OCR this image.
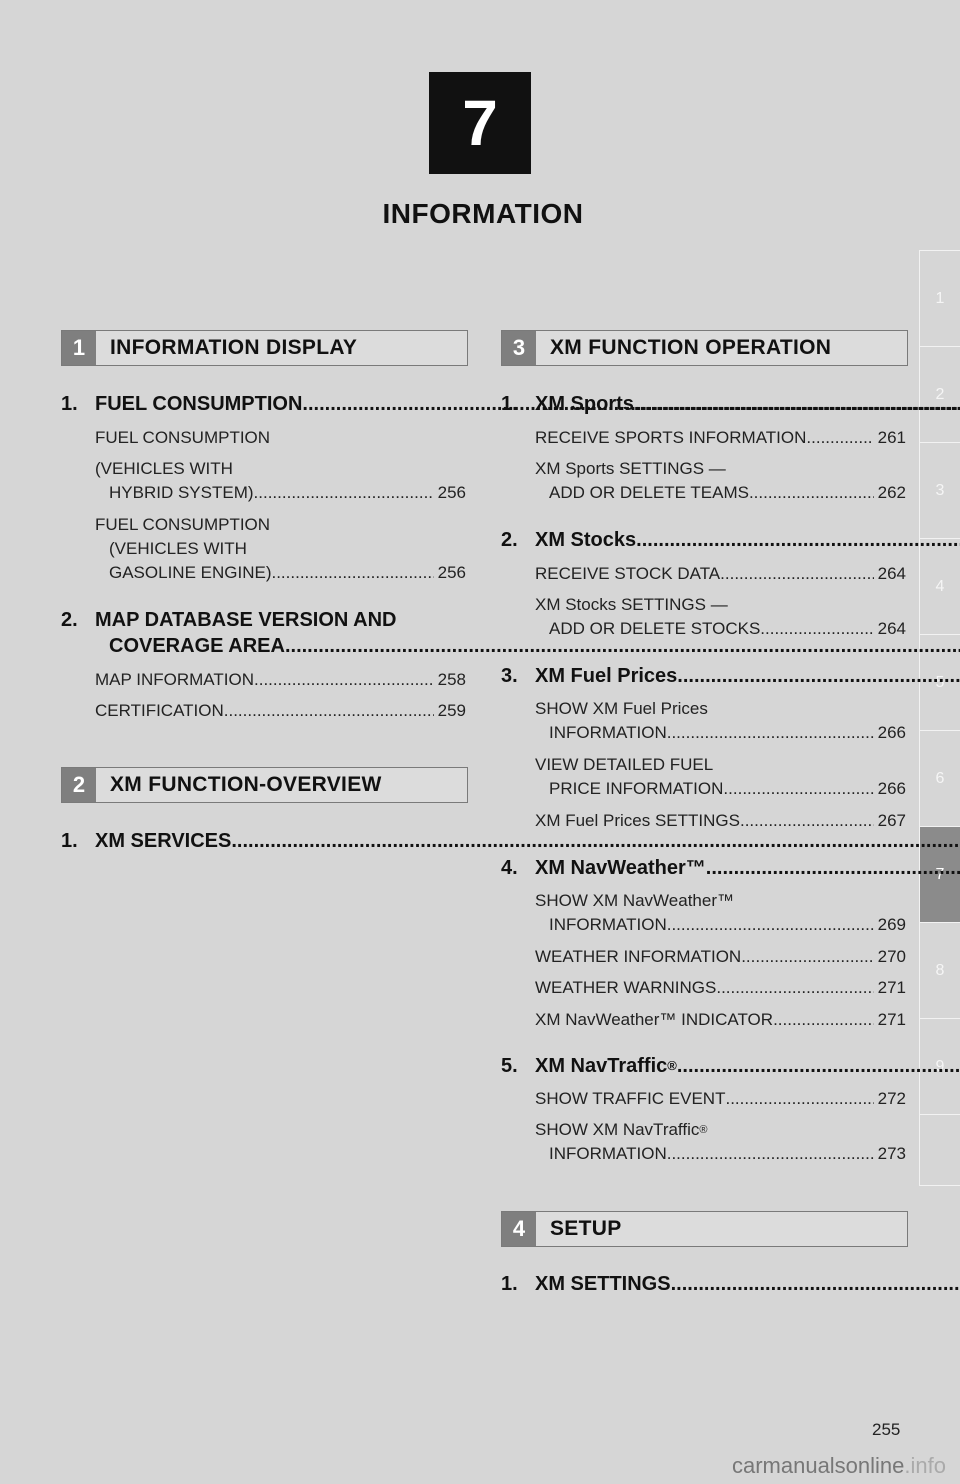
7
INFORMATION
1
2
3
4
5
6
7
8
9
1	INFORMATION DISPLAY
1. FUEL CONSUMPTION
.....
FUEL CONSUMPTION
(VEHICLES WITH
HYBRID SYSTEM) .....	256
FUEL CONSUMPTION
(VEHICLES WITH
GASOLINE ENGINE) .....	256
2. MAP DATABASE VERSION AND
COVERAGE AREA
.....
MAP INFORMATION .....	258
CERTIFICATION .....	259
2	XM FUNCTION-OVERVIEW
1. XM SERVICES
.....
3	XM FUNCTION OPERATION
1. XM Sports
.....
RECEIVE SPORTS INFORMATION .....	261
XM Sports SETTINGS —
ADD OR DELETE TEAMS .....	262
2. XM Stocks
.....
RECEIVE STOCK DATA .....	264
XM Stocks SETTINGS —
ADD OR DELETE STOCKS .....	264
3. XM Fuel Prices
.....
SHOW XM Fuel Prices
INFORMATION .....	266
VIEW DETAILED FUEL
PRICE INFORMATION .....	266
XM Fuel Prices SETTINGS .....	267
4. XM NavWeather™
.....
SHOW XM NavWeather™
INFORMATION .....	269
WEATHER INFORMATION .....	270
WEATHER WARNINGS .....	271
XM NavWeather™ INDICATOR .....	271
5. XM NavTraffic ®
.....
SHOW TRAFFIC EVENT .....	272
SHOW XM NavTraffic ®
INFORMATION .....	273
4	SETUP
1. XM SETTINGS
.....
255
carmanualsonline.info
